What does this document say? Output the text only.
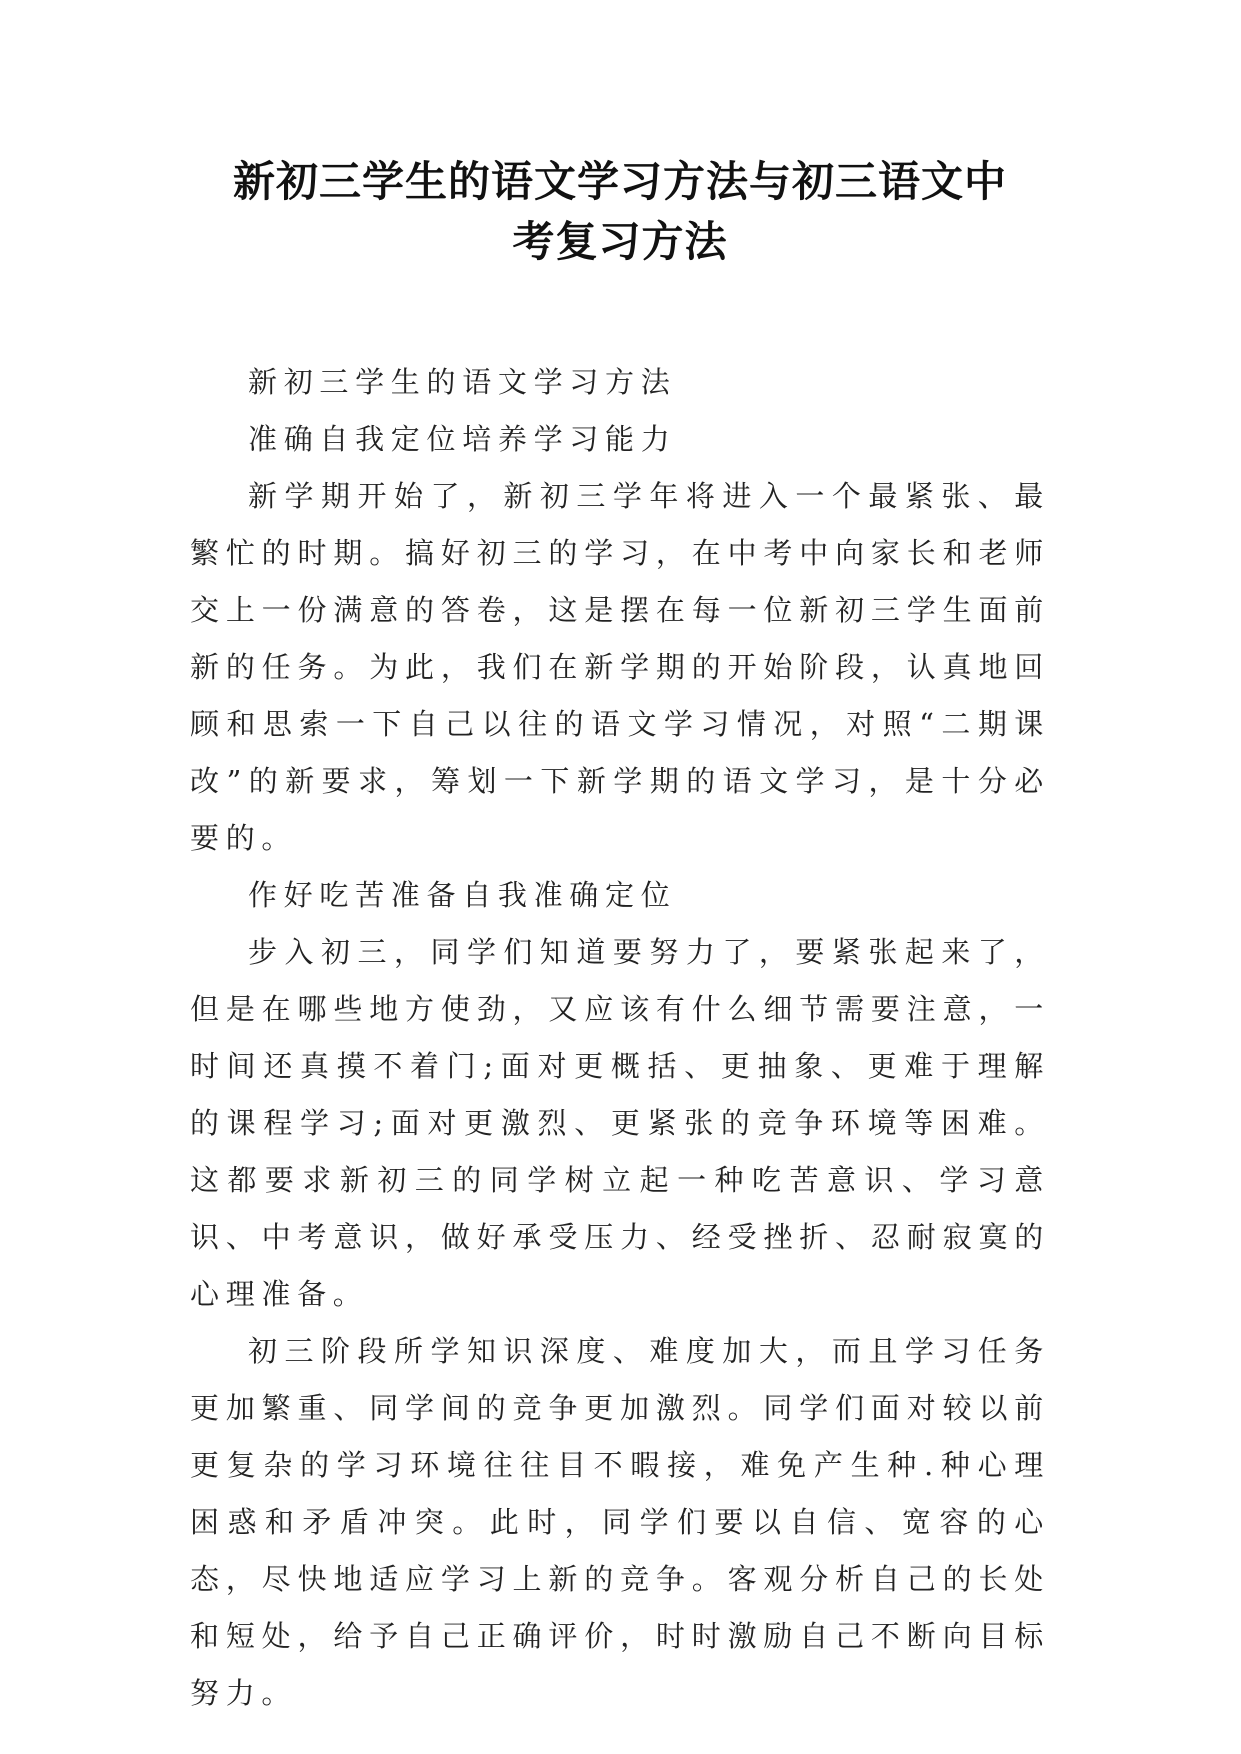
新初三学生的语文学习方法与初三语文中
考复习方法

新初三学生的语文学习方法

准确自我定位培养学习能力

新学期开始了，新初三学年将进入一个最紧张、最繁忙的时期。搞好初三的学习，在中考中向家长和老师交上一份满意的答卷，这是摆在每一位新初三学生面前新的任务。为此，我们在新学期的开始阶段，认真地回顾和思索一下自己以往的语文学习情况，对照“二期课改”的新要求，筹划一下新学期的语文学习，是十分必要的。

作好吃苦准备自我准确定位

步入初三，同学们知道要努力了，要紧张起来了，但是在哪些地方使劲，又应该有什么细节需要注意，一时间还真摸不着门;面对更概括、更抽象、更难于理解的课程学习;面对更激烈、更紧张的竞争环境等困难。这都要求新初三的同学树立起一种吃苦意识、学习意识、中考意识，做好承受压力、经受挫折、忍耐寂寞的心理准备。

初三阶段所学知识深度、难度加大，而且学习任务更加繁重、同学间的竞争更加激烈。同学们面对较以前更复杂的学习环境往往目不暇接，难免产生种.种心理困惑和矛盾冲突。此时，同学们要以自信、宽容的心态，尽快地适应学习上新的竞争。客观分析自己的长处和短处，给予自己正确评价，时时激励自己不断向目标努力。
